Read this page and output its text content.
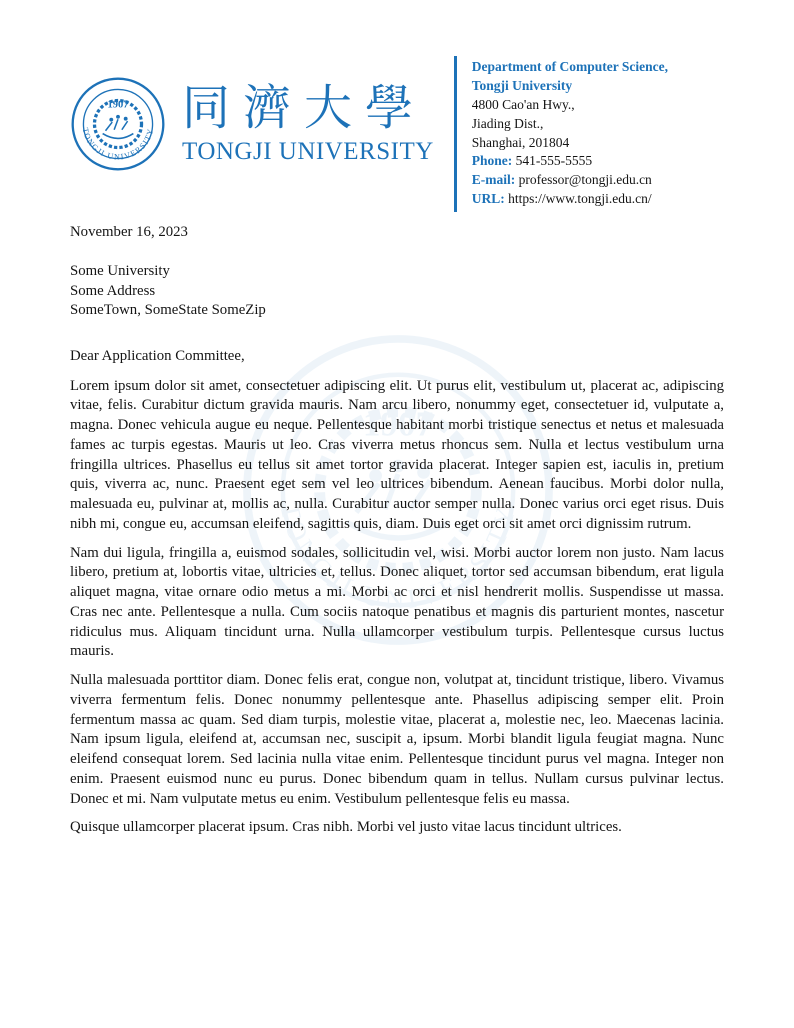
同濟大學
TONGJI UNIVERSITY
Department of Computer Science,
Tongji University
4800 Cao'an Hwy.,
Jiading Dist.,
Shanghai, 201804
Phone: 541-555-5555
E-mail: professor@tongji.edu.cn
URL: https://www.tongji.edu.cn/

November 16, 2023

Some University
Some Address
SomeTown, SomeState SomeZip

Dear Application Committee,

Lorem ipsum dolor sit amet, consectetuer adipiscing elit. Ut purus elit, vestibulum ut, placerat ac, adipiscing vitae, felis. Curabitur dictum gravida mauris. Nam arcu libero, nonummy eget, consectetuer id, vulputate a, magna. Donec vehicula augue eu neque. Pellentesque habitant morbi tristique senectus et netus et malesuada fames ac turpis egestas. Mauris ut leo. Cras viverra metus rhoncus sem. Nulla et lectus vestibulum urna fringilla ultrices. Phasellus eu tellus sit amet tortor gravida placerat. Integer sapien est, iaculis in, pretium quis, viverra ac, nunc. Praesent eget sem vel leo ultrices bibendum. Aenean faucibus. Morbi dolor nulla, malesuada eu, pulvinar at, mollis ac, nulla. Curabitur auctor semper nulla. Donec varius orci eget risus. Duis nibh mi, congue eu, accumsan eleifend, sagittis quis, diam. Duis eget orci sit amet orci dignissim rutrum.

Nam dui ligula, fringilla a, euismod sodales, sollicitudin vel, wisi. Morbi auctor lorem non justo. Nam lacus libero, pretium at, lobortis vitae, ultricies et, tellus. Donec aliquet, tortor sed accumsan bibendum, erat ligula aliquet magna, vitae ornare odio metus a mi. Morbi ac orci et nisl hendrerit mollis. Suspendisse ut massa. Cras nec ante. Pellentesque a nulla. Cum sociis natoque penatibus et magnis dis parturient montes, nascetur ridiculus mus. Aliquam tincidunt urna. Nulla ullamcorper vestibulum turpis. Pellentesque cursus luctus mauris.

Nulla malesuada porttitor diam. Donec felis erat, congue non, volutpat at, tincidunt tristique, libero. Vivamus viverra fermentum felis. Donec nonummy pellentesque ante. Phasellus adipiscing semper elit. Proin fermentum massa ac quam. Sed diam turpis, molestie vitae, placerat a, molestie nec, leo. Maecenas lacinia. Nam ipsum ligula, eleifend at, accumsan nec, suscipit a, ipsum. Morbi blandit ligula feugiat magna. Nunc eleifend consequat lorem. Sed lacinia nulla vitae enim. Pellentesque tincidunt purus vel magna. Integer non enim. Praesent euismod nunc eu purus. Donec bibendum quam in tellus. Nullam cursus pulvinar lectus. Donec et mi. Nam vulputate metus eu enim. Vestibulum pellentesque felis eu massa.

Quisque ullamcorper placerat ipsum. Cras nibh. Morbi vel justo vitae lacus tincidunt ultrices.
